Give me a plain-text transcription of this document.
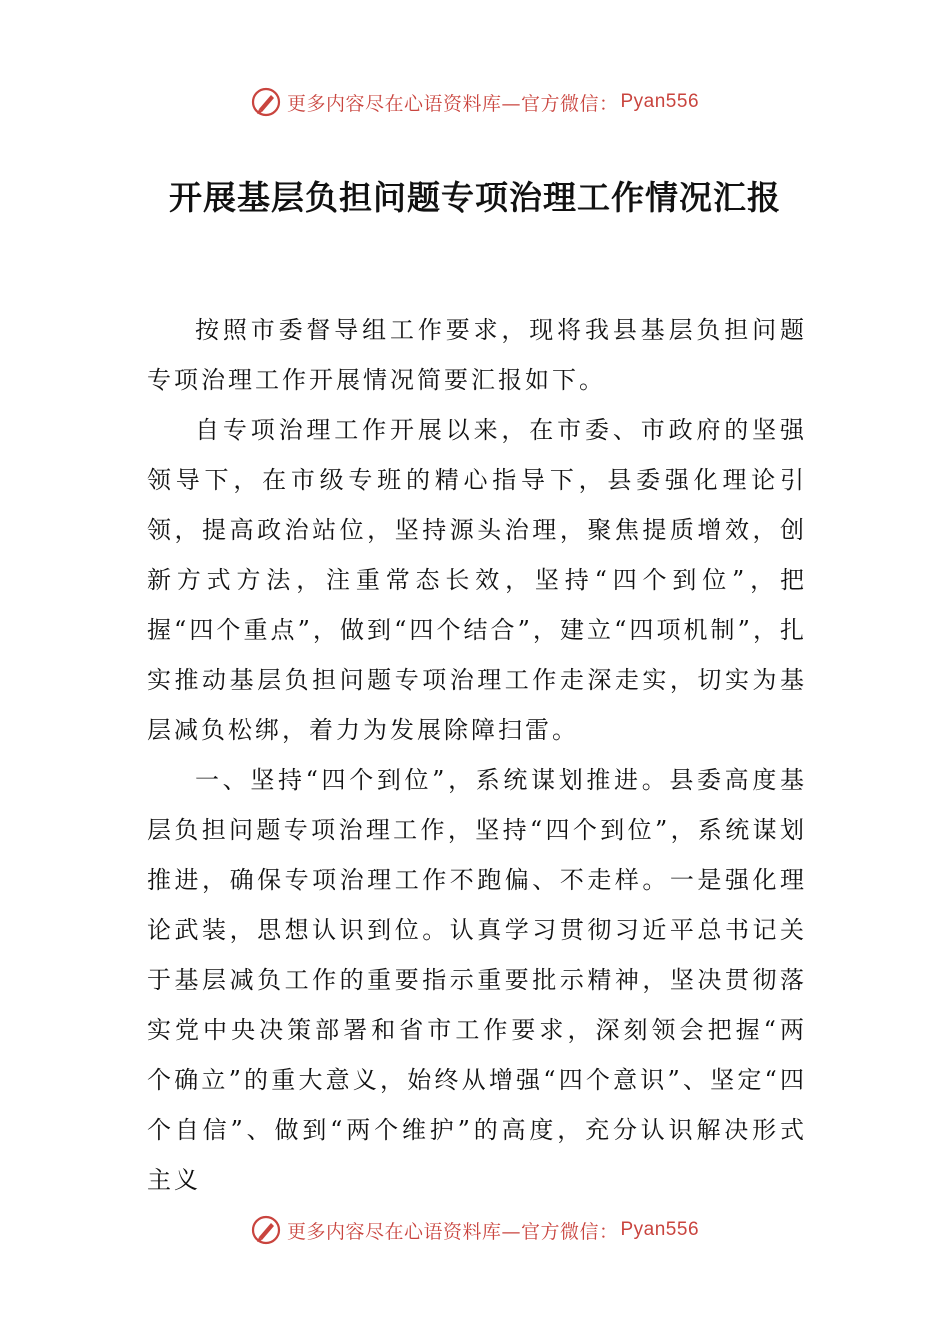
更多内容尽在心语资料库—官方微信： Pyan556
开展基层负担问题专项治理工作情况汇报

按照市委督导组工作要求，现将我县基层负担问题专项治理工作开展情况简要汇报如下。

自专项治理工作开展以来，在市委、市政府的坚强领导下，在市级专班的精心指导下，县委强化理论引领，提高政治站位，坚持源头治理，聚焦提质增效，创新方式方法，注重常态长效，坚持“四个到位”，把握“四个重点”，做到“四个结合”，建立“四项机制”，扎实推动基层负担问题专项治理工作走深走实，切实为基层减负松绑，着力为发展除障扫雷。

一、坚持“四个到位”，系统谋划推进。县委高度基层负担问题专项治理工作，坚持“四个到位”，系统谋划推进，确保专项治理工作不跑偏、不走样。一是强化理论武装，思想认识到位。认真学习贯彻习近平总书记关于基层减负工作的重要指示重要批示精神，坚决贯彻落实党中央决策部署和省市工作要求，深刻领会把握“两个确立”的重大意义，始终从增强“四个意识”、坚定“四个自信”、做到“两个维护”的高度，充分认识解决形式主义

更多内容尽在心语资料库—官方微信： Pyan556
